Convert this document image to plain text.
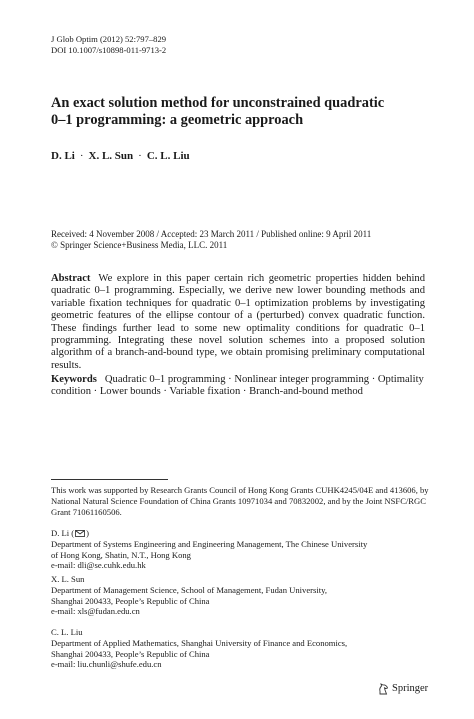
J Glob Optim (2012) 52:797–829
DOI 10.1007/s10898-011-9713-2
An exact solution method for unconstrained quadratic
0–1 programming: a geometric approach
D. Li · X. L. Sun · C. L. Liu
Received: 4 November 2008 / Accepted: 23 March 2011 / Published online: 9 April 2011
© Springer Science+Business Media, LLC. 2011
Abstract We explore in this paper certain rich geometric properties hidden behind quadratic 0–1 programming. Especially, we derive new lower bounding methods and variable fixation techniques for quadratic 0–1 optimization problems by investigating geometric features of the ellipse contour of a (perturbed) convex quadratic function. These findings further lead to some new optimality conditions for quadratic 0–1 programming. Integrating these novel solution schemes into a proposed solution algorithm of a branch-and-bound type, we obtain promising preliminary computational results.
Keywords Quadratic 0–1 programming · Nonlinear integer programming · Optimality condition · Lower bounds · Variable fixation · Branch-and-bound method
This work was supported by Research Grants Council of Hong Kong Grants CUHK4245/04E and 413606, by National Natural Science Foundation of China Grants 10971034 and 70832002, and by the Joint NSFC/RGC Grant 71061160506.
D. Li ( )
Department of Systems Engineering and Engineering Management, The Chinese University
of Hong Kong, Shatin, N.T., Hong Kong
e-mail: dli@se.cuhk.edu.hk
X. L. Sun
Department of Management Science, School of Management, Fudan University,
Shanghai 200433, People’s Republic of China
e-mail: xls@fudan.edu.cn
C. L. Liu
Department of Applied Mathematics, Shanghai University of Finance and Economics,
Shanghai 200433, People’s Republic of China
e-mail: liu.chunli@shufe.edu.cn
Springer
